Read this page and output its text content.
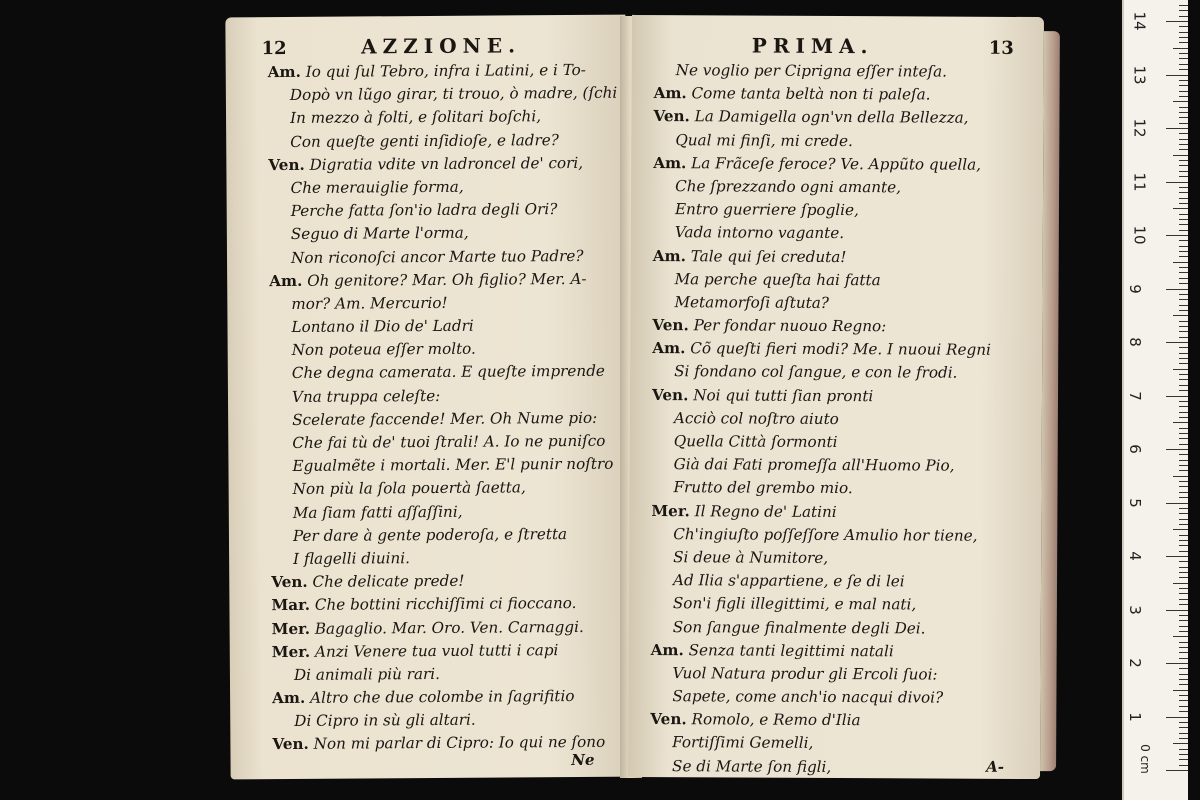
12	AZZIONE.
Am. Io qui ſul Tebro, infra i Latini, e i To-
Dopò vn lũgo girar, ti trouo, ò madre, (ſchi
In mezzo à folti, e ſolitari boſchi,
Con queſte genti inſidioſe, e ladre?
Ven. Digratia vdite vn ladroncel de' cori,
Che merauiglie forma,
Perche fatta ſon'io ladra degli Ori?
Seguo di Marte l'orma,
Non riconoſci ancor Marte tuo Padre?
Am. Oh genitore? Mar. Oh figlio? Mer. A-
mor? Am. Mercurio!
Lontano il Dio de' Ladri
Non poteua eſſer molto.
Che degna camerata. E queſte imprende
Vna truppa celeſte:
Scelerate faccende! Mer. Oh Nume pio:
Che fai tù de' tuoi ſtrali! A. Io ne puniſco
Egualmẽte i mortali. Mer. E'l punir noſtro
Non più la ſola pouertà ſaetta,
Ma ſiam fatti aſſaſſini,
Per dare à gente poderoſa, e ſtretta
I flagelli diuini.
Ven. Che delicate prede!
Mar. Che bottini ricchiſſimi ci fioccano.
Mer. Bagaglio. Mar. Oro. Ven. Carnaggi.
Mer. Anzi Venere tua vuol tutti i capi
Di animali più rari.
Am. Altro che due colombe in ſagrifitio
Di Cipro in sù gli altari.
Ven. Non mi parlar di Cipro: Io qui ne ſono
Ne
PRIMA.	13
Ne voglio per Ciprigna eſſer inteſa.
Am. Come tanta beltà non ti paleſa.
Ven. La Damigella ogn'vn della Bellezza,
Qual mi finſi, mi crede.
Am. La Frãceſe feroce? Ve. Appũto quella,
Che ſprezzando ogni amante,
Entro guerriere ſpoglie,
Vada intorno vagante.
Am. Tale qui ſei creduta!
Ma perche queſta hai fatta
Metamorfoſi aſtuta?
Ven. Per fondar nuouo Regno:
Am. Cõ queſti fieri modi? Me. I nuoui Regni
Si fondano col ſangue, e con le frodi.
Ven. Noi qui tutti ſian pronti
Acciò col noſtro aiuto
Quella Città ſormonti
Già dai Fati promeſſa all'Huomo Pio,
Frutto del grembo mio.
Mer. Il Regno de' Latini
Ch'ingiuſto poſſeſſore Amulio hor tiene,
Si deue à Numitore,
Ad Ilia s'appartiene, e ſe di lei
Son'i figli illegittimi, e mal nati,
Son ſangue finalmente degli Dei.
Am. Senza tanti legittimi natali
Vuol Natura produr gli Ercoli ſuoi:
Sapete, come anch'io nacqui divoi?
Ven. Romolo, e Remo d'Ilia
Fortiſſimi Gemelli,
Se di Marte ſon figli,	A-	0 cm
1
2
3
4
5
6
7
8
9
10
11
12
13
14
